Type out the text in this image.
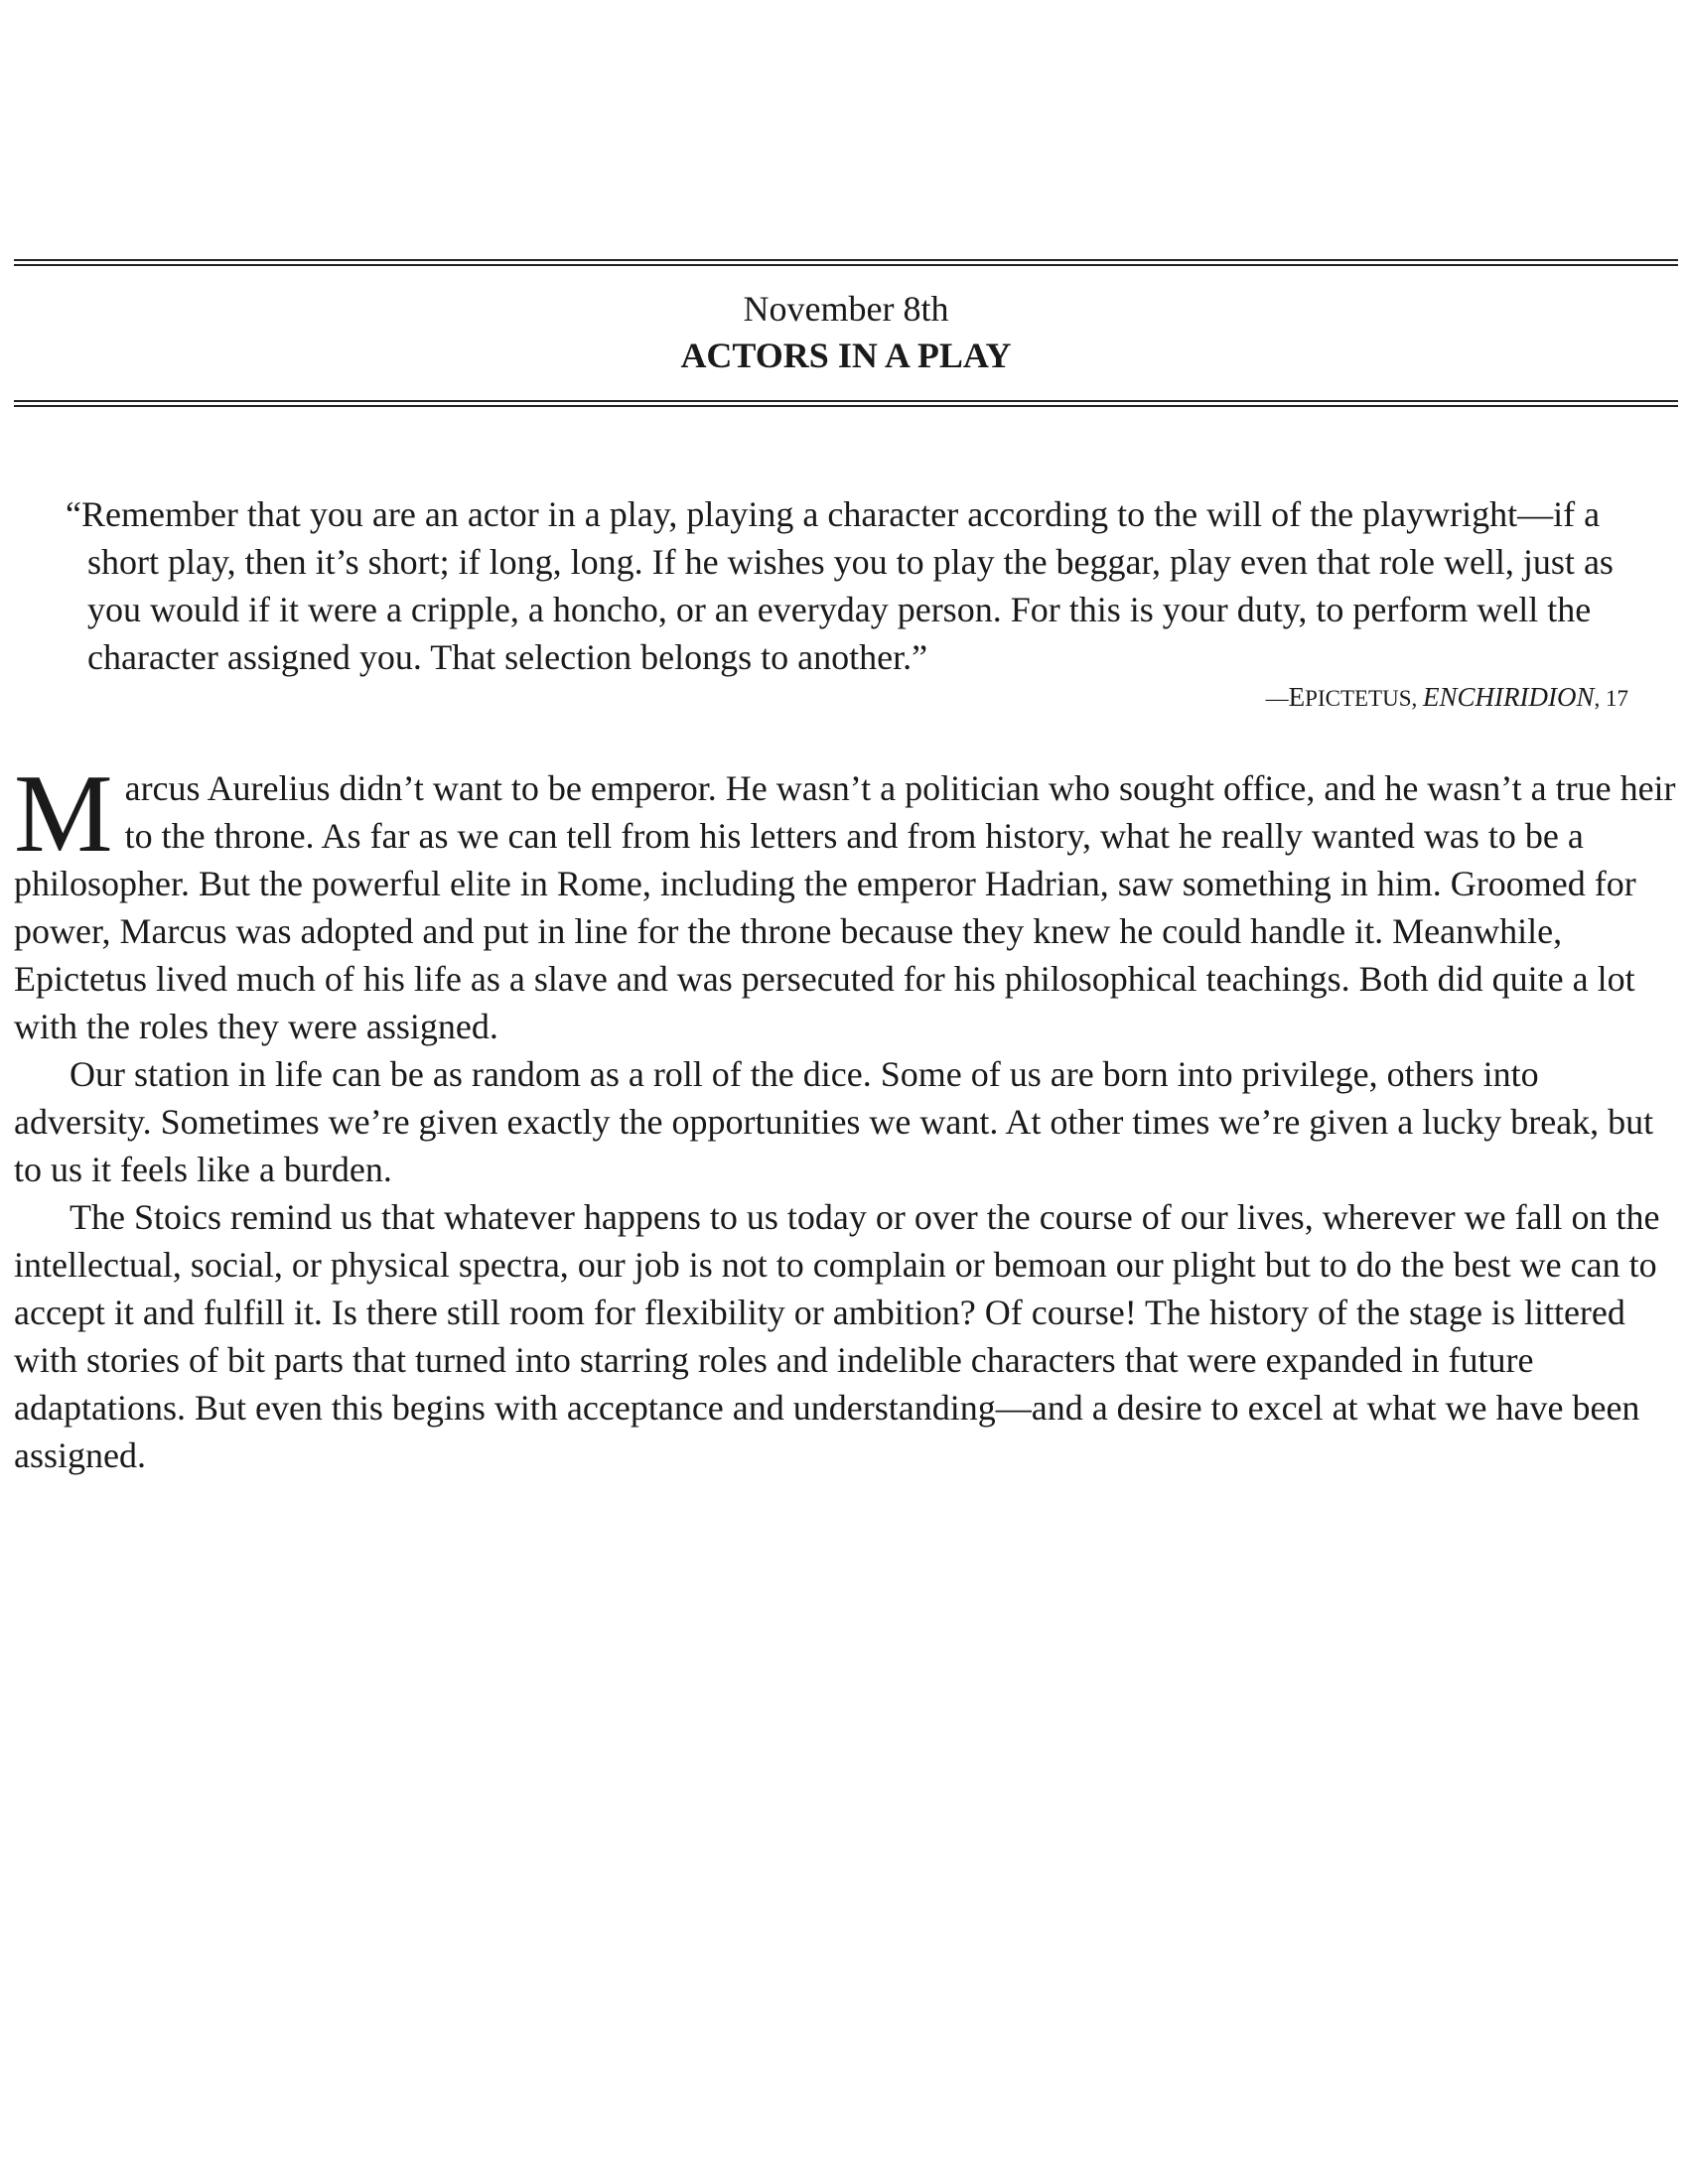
November 8th
ACTORS IN A PLAY

“Remember that you are an actor in a play, playing a character according to the will of the playwright—if a short play, then it’s short; if long, long. If he wishes you to play the beggar, play even that role well, just as you would if it were a cripple, a honcho, or an everyday person. For this is your duty, to perform well the character assigned you. That selection belongs to another.”

—EPICTETUS, ENCHIRIDION, 17

Marcus Aurelius didn’t want to be emperor. He wasn’t a politician who sought office, and he wasn’t a true heir to the throne. As far as we can tell from his letters and from history, what he really wanted was to be a philosopher. But the powerful elite in Rome, including the emperor Hadrian, saw something in him. Groomed for power, Marcus was adopted and put in line for the throne because they knew he could handle it. Meanwhile, Epictetus lived much of his life as a slave and was persecuted for his philosophical teachings. Both did quite a lot with the roles they were assigned.

Our station in life can be as random as a roll of the dice. Some of us are born into privilege, others into adversity. Sometimes we’re given exactly the opportunities we want. At other times we’re given a lucky break, but to us it feels like a burden.

The Stoics remind us that whatever happens to us today or over the course of our lives, wherever we fall on the intellectual, social, or physical spectra, our job is not to complain or bemoan our plight but to do the best we can to accept it and fulfill it. Is there still room for flexibility or ambition? Of course! The history of the stage is littered with stories of bit parts that turned into starring roles and indelible characters that were expanded in future adaptations. But even this begins with acceptance and understanding—and a desire to excel at what we have been assigned.
